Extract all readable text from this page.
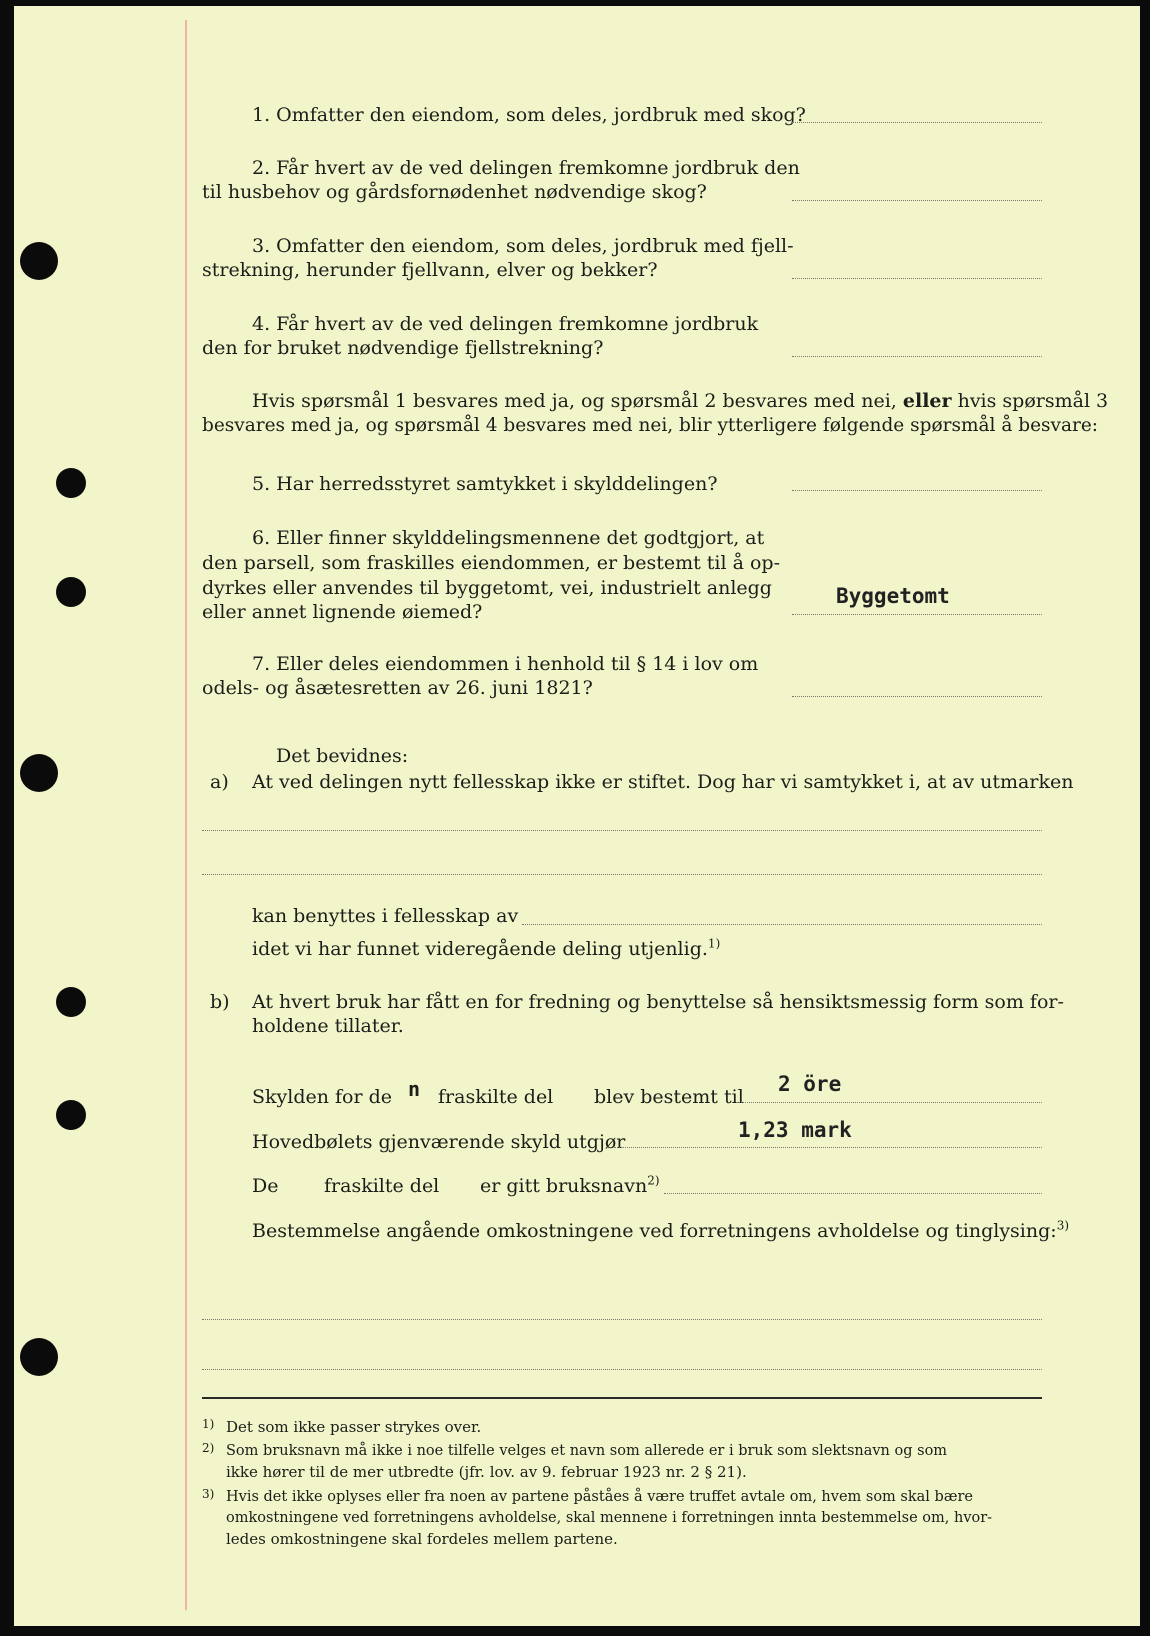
1. Omfatter den eiendom, som deles, jordbruk med skog?
2. Får hvert av de ved delingen fremkomne jordbruk den
til husbehov og gårdsfornødenhet nødvendige skog?
3. Omfatter den eiendom, som deles, jordbruk med fjell-
strekning, herunder fjellvann, elver og bekker?
4. Får hvert av de ved delingen fremkomne jordbruk
den for bruket nødvendige fjellstrekning?
Hvis spørsmål 1 besvares med ja, og spørsmål 2 besvares med nei, eller hvis spørsmål 3
besvares med ja, og spørsmål 4 besvares med nei, blir ytterligere følgende spørsmål å besvare:
5. Har herredsstyret samtykket i skylddelingen?
6. Eller finner skylddelingsmennene det godtgjort, at
den parsell, som fraskilles eiendommen, er bestemt til å op-
dyrkes eller anvendes til byggetomt, vei, industrielt anlegg
eller annet lignende øiemed?
Byggetomt
7. Eller deles eiendommen i henhold til § 14 i lov om
odels- og åsætesretten av 26. juni 1821?
Det bevidnes:
a) At ved delingen nytt fellesskap ikke er stiftet. Dog har vi samtykket i, at av utmarken
kan benyttes i fellesskap av
idet vi har funnet videregående deling utjenlig.$^{1)}$
b) At hvert bruk har fått en for fredning og benyttelse så hensiktsmessig form som for-
holdene tillater.
Skylden for de n fraskilte del blev bestemt til
2 öre
Hovedbølets gjenværende skyld utgjør	1,23 mark
De fraskilte del er gitt bruksnavn$^{2)}$
Bestemmelse angående omkostningene ved forretningens avholdelse og tinglysing:$^{3)}$
1) Det som ikke passer strykes over.
2) Som bruksnavn må ikke i noe tilfelle velges et navn som allerede er i bruk som slektsnavn og som
ikke hører til de mer utbredte (jfr. lov. av 9. februar 1923 nr. 2 § 21).
3) Hvis det ikke oplyses eller fra noen av partene påståes å være truffet avtale om, hvem som skal bære
omkostningene ved forretningens avholdelse, skal mennene i forretningen innta bestemmelse om, hvor-
ledes omkostningene skal fordeles mellem partene.
